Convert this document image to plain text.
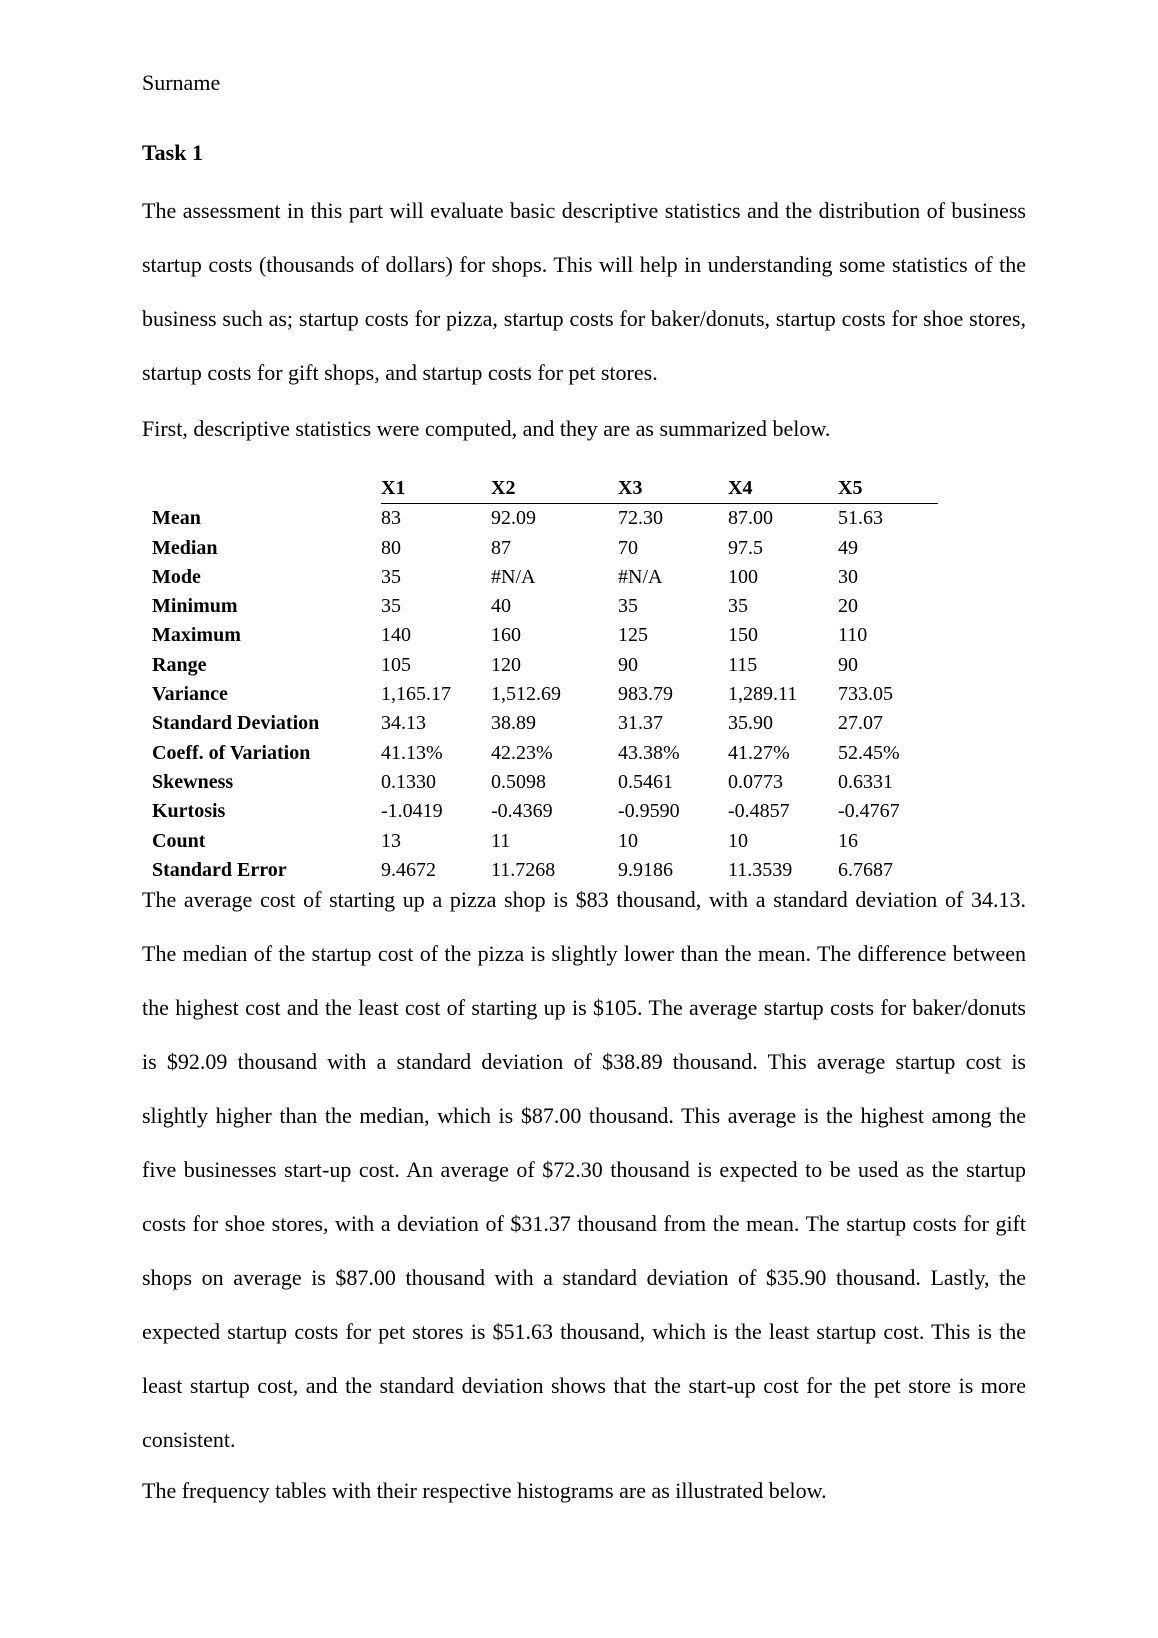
Surname
Task 1

The assessment in this part will evaluate basic descriptive statistics and the distribution of business startup costs (thousands of dollars) for shops. This will help in understanding some statistics of the business such as; startup costs for pizza, startup costs for baker/donuts, startup costs for shoe stores, startup costs for gift shops, and startup costs for pet stores.

First, descriptive statistics were computed, and they are as summarized below.

	X1	X2	X3	X4	X5
Mean	83	92.09	72.30	87.00	51.63
Median	80	87	70	97.5	49
Mode	35	#N/A	#N/A	100	30
Minimum	35	40	35	35	20
Maximum	140	160	125	150	110
Range	105	120	90	115	90
Variance	1,165.17	1,512.69	983.79	1,289.11	733.05
Standard Deviation	34.13	38.89	31.37	35.90	27.07
Coeff. of Variation	41.13%	42.23%	43.38%	41.27%	52.45%
Skewness	0.1330	0.5098	0.5461	0.0773	0.6331
Kurtosis	-1.0419	-0.4369	-0.9590	-0.4857	-0.4767
Count	13	11	10	10	16
Standard Error	9.4672	11.7268	9.9186	11.3539	6.7687

The average cost of starting up a pizza shop is $83 thousand, with a standard deviation of 34.13. The median of the startup cost of the pizza is slightly lower than the mean. The difference between the highest cost and the least cost of starting up is $105. The average startup costs for baker/donuts is $92.09 thousand with a standard deviation of $38.89 thousand. This average startup cost is slightly higher than the median, which is $87.00 thousand. This average is the highest among the five businesses start-up cost. An average of $72.30 thousand is expected to be used as the startup costs for shoe stores, with a deviation of $31.37 thousand from the mean. The startup costs for gift shops on average is $87.00 thousand with a standard deviation of $35.90 thousand. Lastly, the expected startup costs for pet stores is $51.63 thousand, which is the least startup cost. This is the least startup cost, and the standard deviation shows that the start-up cost for the pet store is more consistent.

The frequency tables with their respective histograms are as illustrated below.
